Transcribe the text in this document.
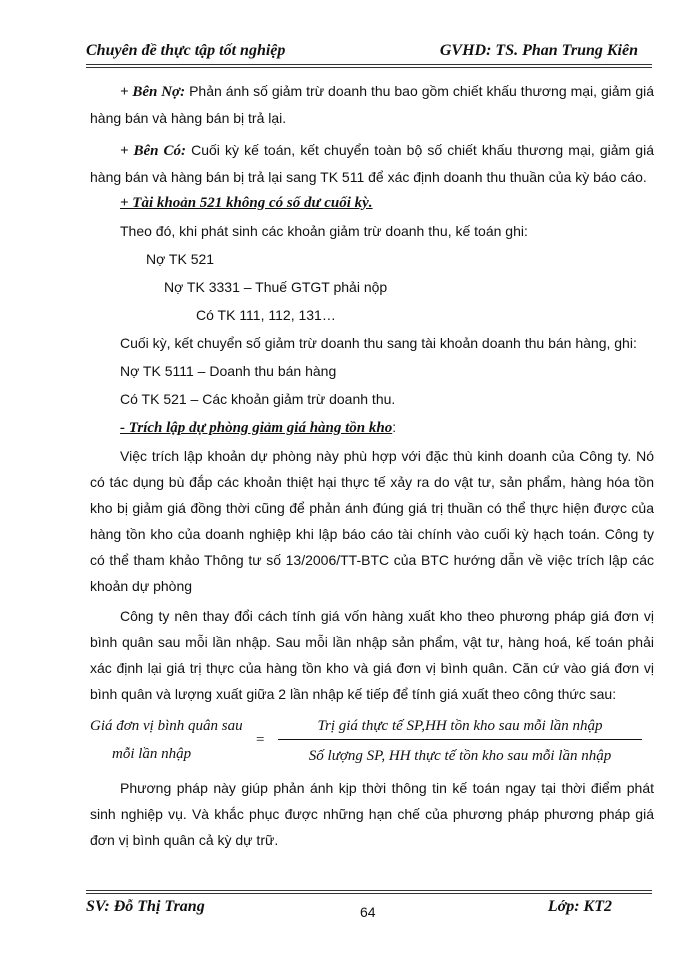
Chuyên đề thực tập tốt nghiệp	GVHD: TS. Phan Trung Kiên

+ Bên Nợ: Phản ánh số giảm trừ doanh thu bao gồm chiết khấu thương mại, giảm giá hàng bán và hàng bán bị trả lại.

+ Bên Có: Cuối kỳ kế toán, kết chuyển toàn bộ số chiết khấu thương mại, giảm giá hàng bán và hàng bán bị trả lại sang TK 511 để xác định doanh thu thuần của kỳ báo cáo.

+ Tài khoản 521 không có số dư cuối kỳ.

Theo đó, khi phát sinh các khoản giảm trừ doanh thu, kế toán ghi:

Nợ TK 521

Nợ TK 3331 – Thuế GTGT phải nộp

Có TK 111, 112, 131…

Cuối kỳ, kết chuyển số giảm trừ doanh thu sang tài khoản doanh thu bán hàng, ghi:

Nợ TK 5111 – Doanh thu bán hàng

Có TK 521 – Các khoản giảm trừ doanh thu.

- Trích lập dự phòng giảm giá hàng tồn kho:

Việc trích lập khoản dự phòng này phù hợp với đặc thù kinh doanh của Công ty. Nó có tác dụng bù đắp các khoản thiệt hại thực tế xảy ra do vật tư, sản phẩm, hàng hóa tồn kho bị giảm giá đồng thời cũng để phản ánh đúng giá trị thuần có thể thực hiện được của hàng tồn kho của doanh nghiệp khi lập báo cáo tài chính vào cuối kỳ hạch toán. Công ty có thể tham khảo Thông tư số 13/2006/TT-BTC của BTC hướng dẫn về việc trích lập các khoản dự phòng

Công ty nên thay đổi cách tính giá vốn hàng xuất kho theo phương pháp giá đơn vị bình quân sau mỗi lần nhập. Sau mỗi lần nhập sản phẩm, vật tư, hàng hoá, kế toán phải xác định lại giá trị thực của hàng tồn kho và giá đơn vị bình quân. Căn cứ vào giá đơn vị bình quân và lượng xuất giữa 2 lần nhập kế tiếp để tính giá xuất theo công thức sau:

Giá đơn vị bình quân sau
mỗi lần nhập
=
Trị giá thực tế SP,HH tồn kho sau mỗi lần nhập
Số lượng SP, HH thực tế tồn kho sau mỗi lần nhập

Phương pháp này giúp phản ánh kịp thời thông tin kế toán ngay tại thời điểm phát sinh nghiệp vụ. Và khắc phục được những hạn chế của phương pháp phương pháp giá đơn vị bình quân cả kỳ dự trữ.

SV: Đỗ Thị Trang	64	Lớp: KT2
